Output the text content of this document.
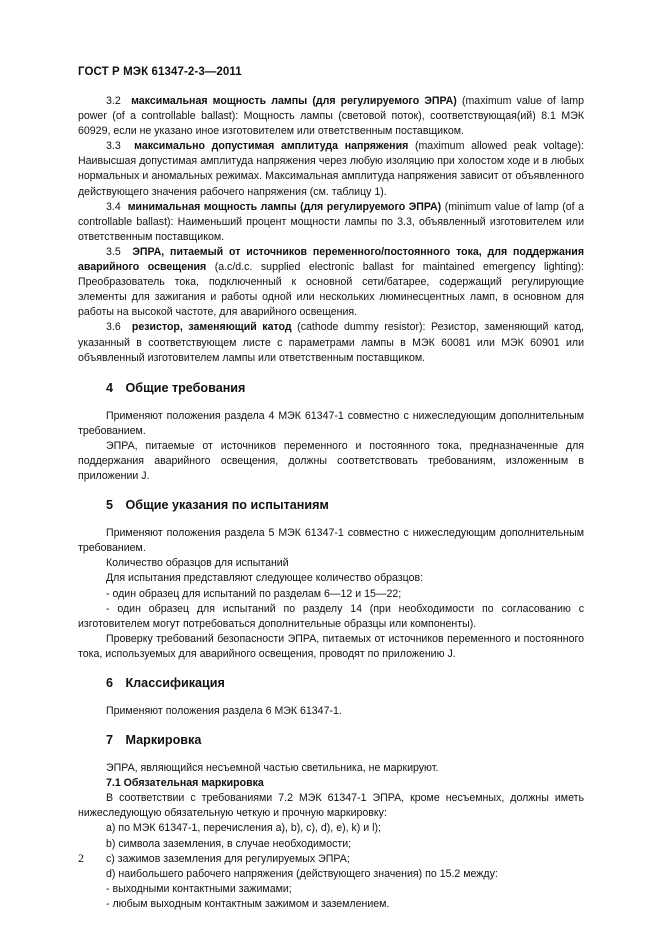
ГОСТ Р МЭК 61347-2-3—2011

3.2 максимальная мощность лампы (для регулируемого ЭПРА) (maximum value of lamp power (of a controllable ballast): Мощность лампы (световой поток), соответствующая(ий) 8.1 МЭК 60929, если не указано иное изготовителем или ответственным поставщиком.

3.3 максимально допустимая амплитуда напряжения (maximum allowed peak voltage): Наивысшая допустимая амплитуда напряжения через любую изоляцию при холостом ходе и в любых нормальных и аномальных режимах. Максимальная амплитуда напряжения зависит от объявленного действующего значения рабочего напряжения (см. таблицу 1).

3.4 минимальная мощность лампы (для регулируемого ЭПРА) (minimum value of lamp (of a controllable ballast): Наименьший процент мощности лампы по 3.3, объявленный изготовителем или ответственным поставщиком.

3.5 ЭПРА, питаемый от источников переменного/постоянного тока, для поддержания аварийного освещения (a.c/d.c. supplied electronic ballast for maintained emergency lighting): Преобразователь тока, подключенный к основной сети/батарее, содержащий регулирующие элементы для зажигания и работы одной или нескольких люминесцентных ламп, в основном для работы на высокой частоте, для аварийного освещения.

3.6 резистор, заменяющий катод (cathode dummy resistor): Резистор, заменяющий катод, указанный в соответствующем листе с параметрами лампы в МЭК 60081 или МЭК 60901 или объявленный изготовителем лампы или ответственным поставщиком.

4 Общие требования

Применяют положения раздела 4 МЭК 61347-1 совместно с нижеследующим дополнительным требованием.

ЭПРА, питаемые от источников переменного и постоянного тока, предназначенные для поддержания аварийного освещения, должны соответствовать требованиям, изложенным в приложении J.

5 Общие указания по испытаниям

Применяют положения раздела 5 МЭК 61347-1 совместно с нижеследующим дополнительным требованием.

Количество образцов для испытаний

Для испытания представляют следующее количество образцов:

- один образец для испытаний по разделам 6—12 и 15—22;

- один образец для испытаний по разделу 14 (при необходимости по согласованию с изготовителем могут потребоваться дополнительные образцы или компоненты).

Проверку требований безопасности ЭПРА, питаемых от источников переменного и постоянного тока, используемых для аварийного освещения, проводят по приложению J.

6 Классификация

Применяют положения раздела 6 МЭК 61347-1.

7 Маркировка

ЭПРА, являющийся несъемной частью светильника, не маркируют.

7.1 Обязательная маркировка

В соответствии с требованиями 7.2 МЭК 61347-1 ЭПРА, кроме несъемных, должны иметь нижеследующую обязательную четкую и прочную маркировку:

a) по МЭК 61347-1, перечисления a), b), c), d), e), k) и l);

b) символа заземления, в случае необходимости;

c) зажимов заземления для регулируемых ЭПРА;

d) наибольшего рабочего напряжения (действующего значения) по 15.2 между:

- выходными контактными зажимами;

- любым выходным контактным зажимом и заземлением.

2
